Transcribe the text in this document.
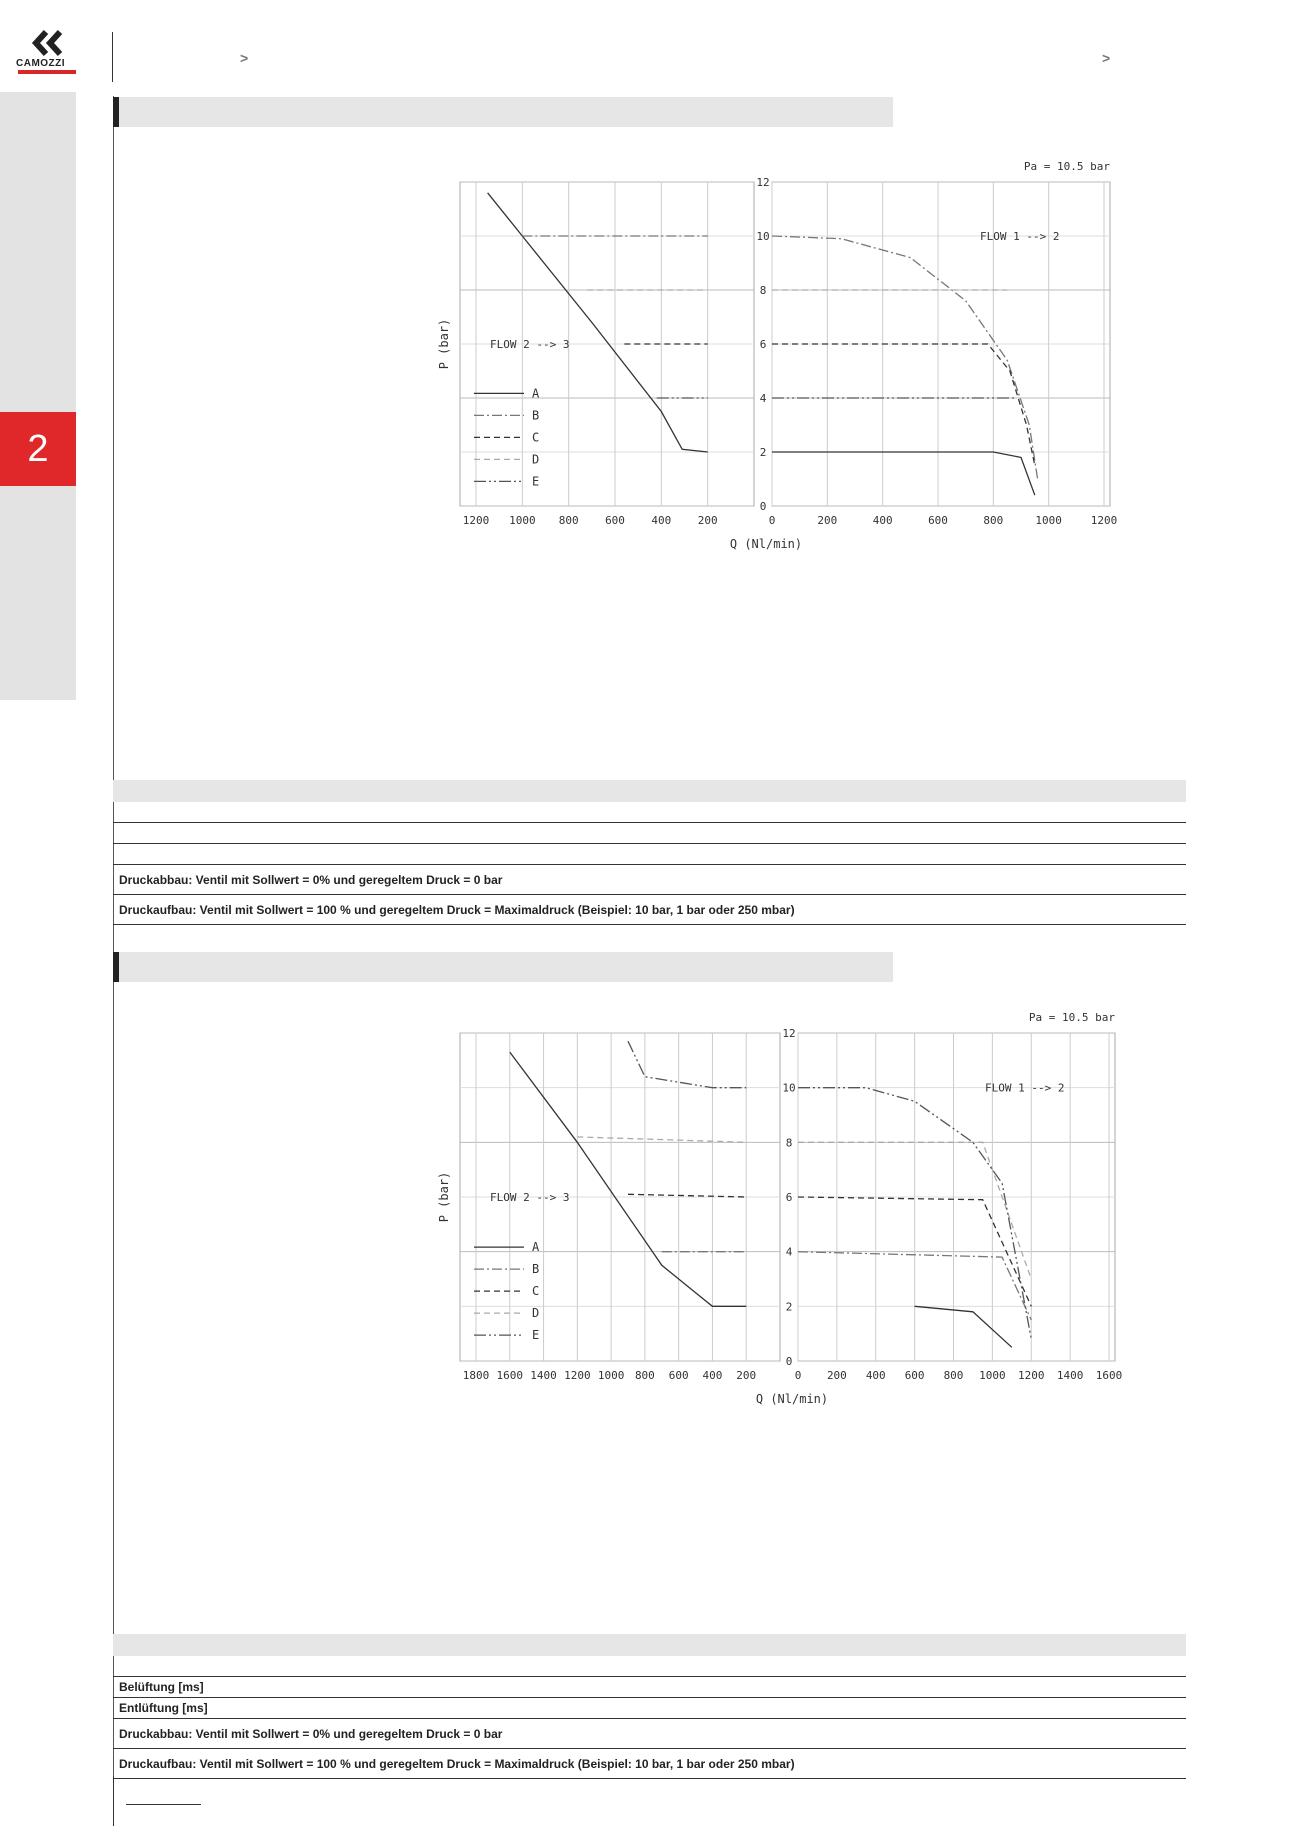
CAMOZZI	>	>
2
12
10
8
6
4
2
0
1200 1000 800 600 400 200	0	200	400	600	800	1000	1200
Pa = 10.5 bar
Q (Nl/min)
P (bar)	FLOW 2 --> 3
FLOW 1 --> 2
A
B
C
D
E
12
10
8
6
4
2
0
1800 1600 1400 1200 1000 800 600 400 200	0 200 400 600 800 1000 1200 1400 1600
Pa = 10.5 bar
Q (Nl/min)
P (bar)	FLOW 2 --> 3
FLOW 1 --> 2
A
B
C
D
E
Druckabbau: Ventil mit Sollwert = 0% und geregeltem Druck = 0 bar
Druckaufbau: Ventil mit Sollwert = 100 % und geregeltem Druck = Maximaldruck (Beispiel: 10 bar, 1 bar oder 250 mbar)
Belüftung [ms]
Entlüftung [ms]
Druckabbau: Ventil mit Sollwert = 0% und geregeltem Druck = 0 bar
Druckaufbau: Ventil mit Sollwert = 100 % und geregeltem Druck = Maximaldruck (Beispiel: 10 bar, 1 bar oder 250 mbar)
